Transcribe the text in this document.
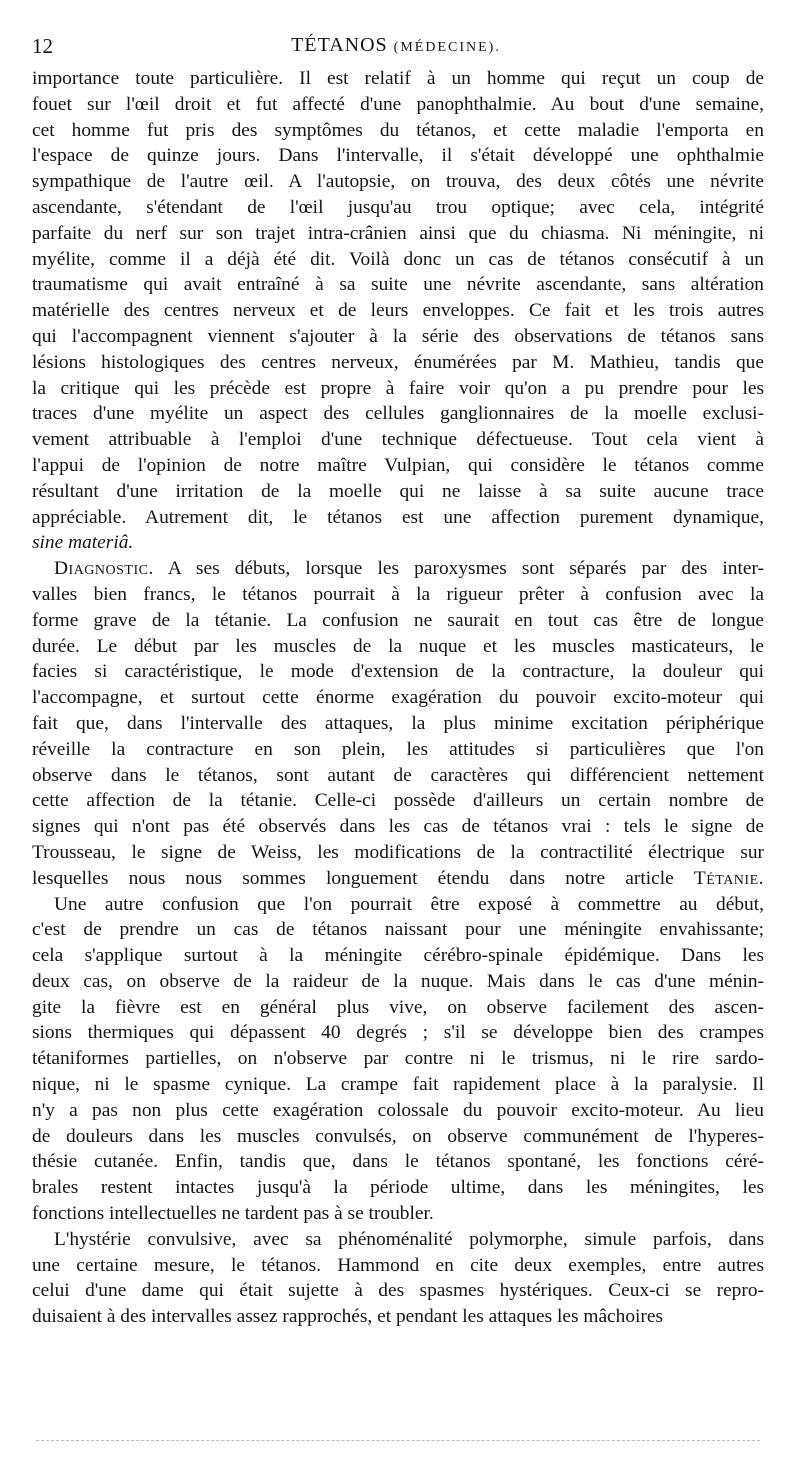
12	TÉTANOS (MÉDECINE).
importance toute particulière. Il est relatif à un homme qui reçut un coup de
fouet sur l'œil droit et fut affecté d'une panophthalmie. Au bout d'une semaine,
cet homme fut pris des symptômes du tétanos, et cette maladie l'emporta en
l'espace de quinze jours. Dans l'intervalle, il s'était développé une ophthalmie
sympathique de l'autre œil. A l'autopsie, on trouva, des deux côtés une névrite
ascendante, s'étendant de l'œil jusqu'au trou optique; avec cela, intégrité
parfaite du nerf sur son trajet intra-crânien ainsi que du chiasma. Ni méningite, ni
myélite, comme il a déjà été dit. Voilà donc un cas de tétanos consécutif à un
traumatisme qui avait entraîné à sa suite une névrite ascendante, sans altération
matérielle des centres nerveux et de leurs enveloppes. Ce fait et les trois autres
qui l'accompagnent viennent s'ajouter à la série des observations de tétanos sans
lésions histologiques des centres nerveux, énumérées par M. Mathieu, tandis que
la critique qui les précède est propre à faire voir qu'on a pu prendre pour les
traces d'une myélite un aspect des cellules ganglionnaires de la moelle exclusi-
vement attribuable à l'emploi d'une technique défectueuse. Tout cela vient à
l'appui de l'opinion de notre maître Vulpian, qui considère le tétanos comme
résultant d'une irritation de la moelle qui ne laisse à sa suite aucune trace
appréciable. Autrement dit, le tétanos est une affection purement dynamique,
sine materiâ.
Diagnostic. A ses débuts, lorsque les paroxysmes sont séparés par des inter-
valles bien francs, le tétanos pourrait à la rigueur prêter à confusion avec la
forme grave de la tétanie. La confusion ne saurait en tout cas être de longue
durée. Le début par les muscles de la nuque et les muscles masticateurs, le
facies si caractéristique, le mode d'extension de la contracture, la douleur qui
l'accompagne, et surtout cette énorme exagération du pouvoir excito-moteur qui
fait que, dans l'intervalle des attaques, la plus minime excitation périphérique
réveille la contracture en son plein, les attitudes si particulières que l'on
observe dans le tétanos, sont autant de caractères qui différencient nettement
cette affection de la tétanie. Celle-ci possède d'ailleurs un certain nombre de
signes qui n'ont pas été observés dans les cas de tétanos vrai : tels le signe de
Trousseau, le signe de Weiss, les modifications de la contractilité électrique sur
lesquelles nous nous sommes longuement étendu dans notre article Tétanie.
Une autre confusion que l'on pourrait être exposé à commettre au début,
c'est de prendre un cas de tétanos naissant pour une méningite envahissante;
cela s'applique surtout à la méningite cérébro-spinale épidémique. Dans les
deux cas, on observe de la raideur de la nuque. Mais dans le cas d'une ménin-
gite la fièvre est en général plus vive, on observe facilement des ascen-
sions thermiques qui dépassent 40 degrés ; s'il se développe bien des crampes
tétaniformes partielles, on n'observe par contre ni le trismus, ni le rire sardo-
nique, ni le spasme cynique. La crampe fait rapidement place à la paralysie. Il
n'y a pas non plus cette exagération colossale du pouvoir excito-moteur. Au lieu
de douleurs dans les muscles convulsés, on observe communément de l'hyperes-
thésie cutanée. Enfin, tandis que, dans le tétanos spontané, les fonctions céré-
brales restent intactes jusqu'à la période ultime, dans les méningites, les
fonctions intellectuelles ne tardent pas à se troubler.
L'hystérie convulsive, avec sa phénoménalité polymorphe, simule parfois, dans
une certaine mesure, le tétanos. Hammond en cite deux exemples, entre autres
celui d'une dame qui était sujette à des spasmes hystériques. Ceux-ci se repro-
duisaient à des intervalles assez rapprochés, et pendant les attaques les mâchoires
